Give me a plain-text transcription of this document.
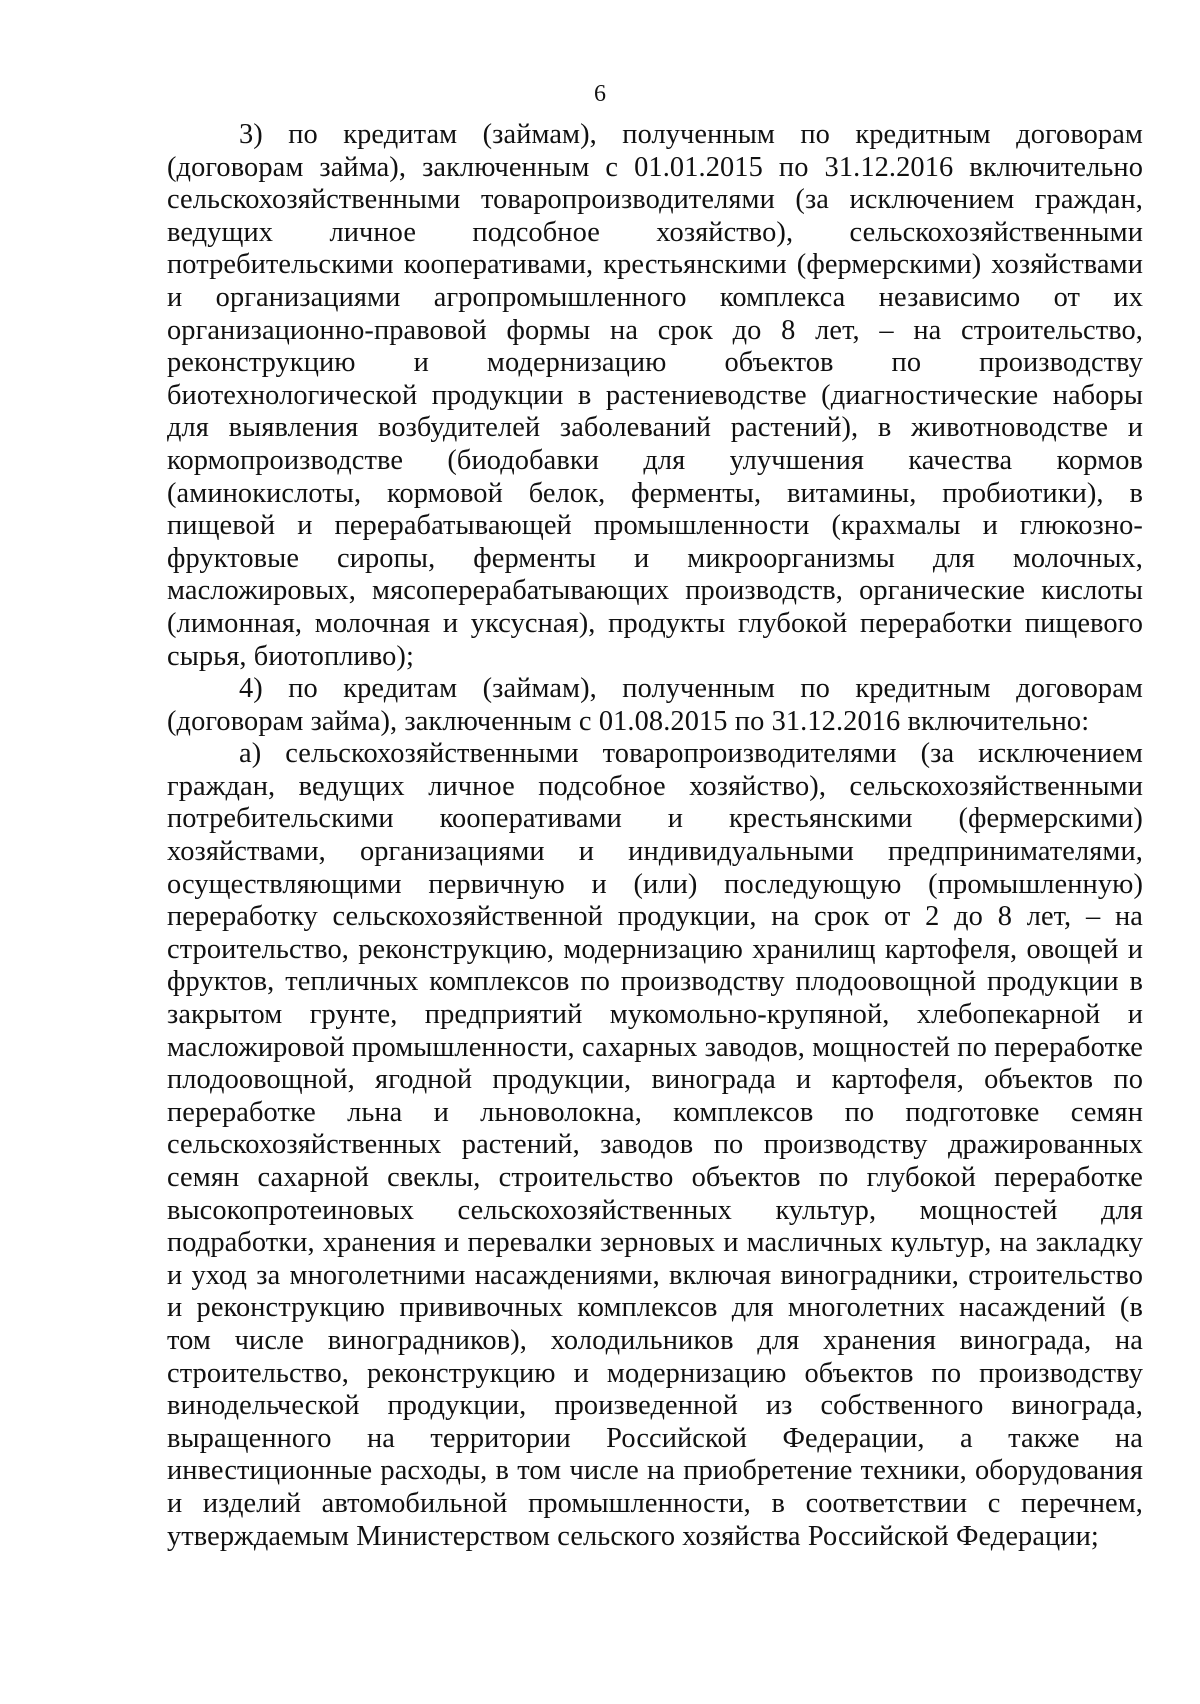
6

3) по кредитам (займам), полученным по кредитным договорам (договорам займа), заключенным с 01.01.2015 по 31.12.2016 включительно сельскохозяйственными товаропроизводителями (за исключением граждан, ведущих личное подсобное хозяйство), сельскохозяйственными потребительскими кооперативами, крестьянскими (фермерскими) хозяйствами и организациями агропромышленного комплекса независимо от их организационно-правовой формы на срок до 8 лет, – на строительство, реконструкцию и модернизацию объектов по производству биотехнологической продукции в растениеводстве (диагностические наборы для выявления возбудителей заболеваний растений), в животноводстве и кормопроизводстве (биодобавки для улучшения качества кормов (аминокислоты, кормовой белок, ферменты, витамины, пробиотики), в пищевой и перерабатывающей промышленности (крахмалы и глюкозно-фруктовые сиропы, ферменты и микроорганизмы для молочных, масложировых, мясоперерабатывающих производств, органические кислоты (лимонная, молочная и уксусная), продукты глубокой переработки пищевого сырья, биотопливо);

4) по кредитам (займам), полученным по кредитным договорам (договорам займа), заключенным с 01.08.2015 по 31.12.2016 включительно:

а) сельскохозяйственными товаропроизводителями (за исключением граждан, ведущих личное подсобное хозяйство), сельскохозяйственными потребительскими кооперативами и крестьянскими (фермерскими) хозяйствами, организациями и индивидуальными предпринимателями, осуществляющими первичную и (или) последующую (промышленную) переработку сельскохозяйственной продукции, на срок от 2 до 8 лет, – на строительство, реконструкцию, модернизацию хранилищ картофеля, овощей и фруктов, тепличных комплексов по производству плодоовощной продукции в закрытом грунте, предприятий мукомольно-крупяной, хлебопекарной и масложировой промышленности, сахарных заводов, мощностей по переработке плодоовощной, ягодной продукции, винограда и картофеля, объектов по переработке льна и льноволокна, комплексов по подготовке семян сельскохозяйственных растений, заводов по производству дражированных семян сахарной свеклы, строительство объектов по глубокой переработке высокопротеиновых сельскохозяйственных культур, мощностей для подработки, хранения и перевалки зерновых и масличных культур, на закладку и уход за многолетними насаждениями, включая виноградники, строительство и реконструкцию прививочных комплексов для многолетних насаждений (в том числе виноградников), холодильников для хранения винограда, на строительство, реконструкцию и модернизацию объектов по производству винодельческой продукции, произведенной из собственного винограда, выращенного на территории Российской Федерации, а также на инвестиционные расходы, в том числе на приобретение техники, оборудования и изделий автомобильной промышленности, в соответствии с перечнем, утверждаемым Министерством сельского хозяйства Российской Федерации;
